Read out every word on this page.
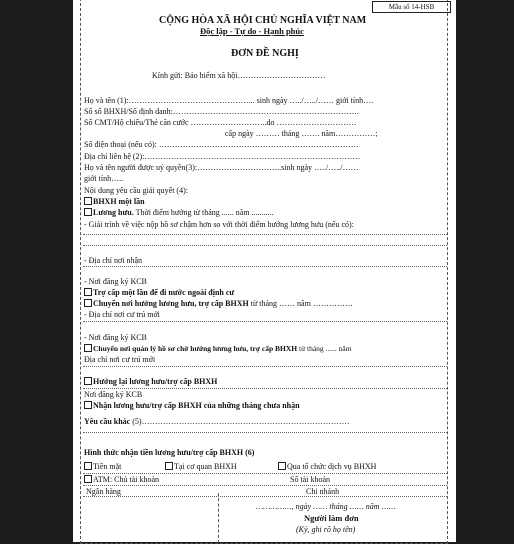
Mẫu số 14-HSB
CỘNG HÒA XÃ HỘI CHỦ NGHĨA VIỆT NAM
Độc lập - Tự do - Hạnh phúc
ĐƠN ĐỀ NGHỊ
Kính gửi: Bảo hiểm xã hội……………………………
Họ và tên (1):………………………………………... sinh ngày …../…../…… giới tính….
Số sổ BHXH/Số định danh:…………………………………………………………….
Số CMT/Hộ chiếu/Thẻ căn cước ………………………..do …………………………
cấp ngày ……… tháng ……. năm……………;
Số điện thoại (nếu có): …………………………………………………………………
Địa chỉ liên hệ (2):………………………………………………………………………
Họ và tên người được uỷ quyền(3):…………………………..sinh ngày …../…../……
giới tính…..
Nội dung yêu cầu giải quyết (4):
BHXH một lần
Lương hưu. Thời điểm hưởng từ tháng ...... năm ...........
- Giải trình về việc nộp hồ sơ chậm hơn so với thời điểm hưởng lương hưu (nếu có):
- Địa chỉ nơi nhận
- Nơi đăng ký KCB
Trợ cấp một lần để đi nước ngoài định cư
Chuyển nơi hưởng lương hưu, trợ cấp BHXH từ tháng …… năm ……………
- Địa chỉ nơi cư trú mới
- Nơi đăng ký KCB
Chuyển nơi quản lý hồ sơ chờ hưởng lương hưu, trợ cấp BHXH từ tháng ...... năm
Địa chỉ nơi cư trú mới
Hưởng lại lương hưu/trợ cấp BHXH
Nơi đăng ký KCB
Nhận lương hưu/trợ cấp BHXH của những tháng chưa nhận
Yêu cầu khác (5)……………………………………………………………………
Hình thức nhận tiền lương hưu/trợ cấp BHXH (6)
Tiền mặt	Tại cơ quan BHXH	Qua tổ chức dịch vụ BHXH
ATM: Chủ tài khoản	Số tài khoản
Ngân hàng	Chi nhánh
……………, ngày …… tháng …… năm ……
Người làm đơn
(Ký, ghi rõ họ tên)
